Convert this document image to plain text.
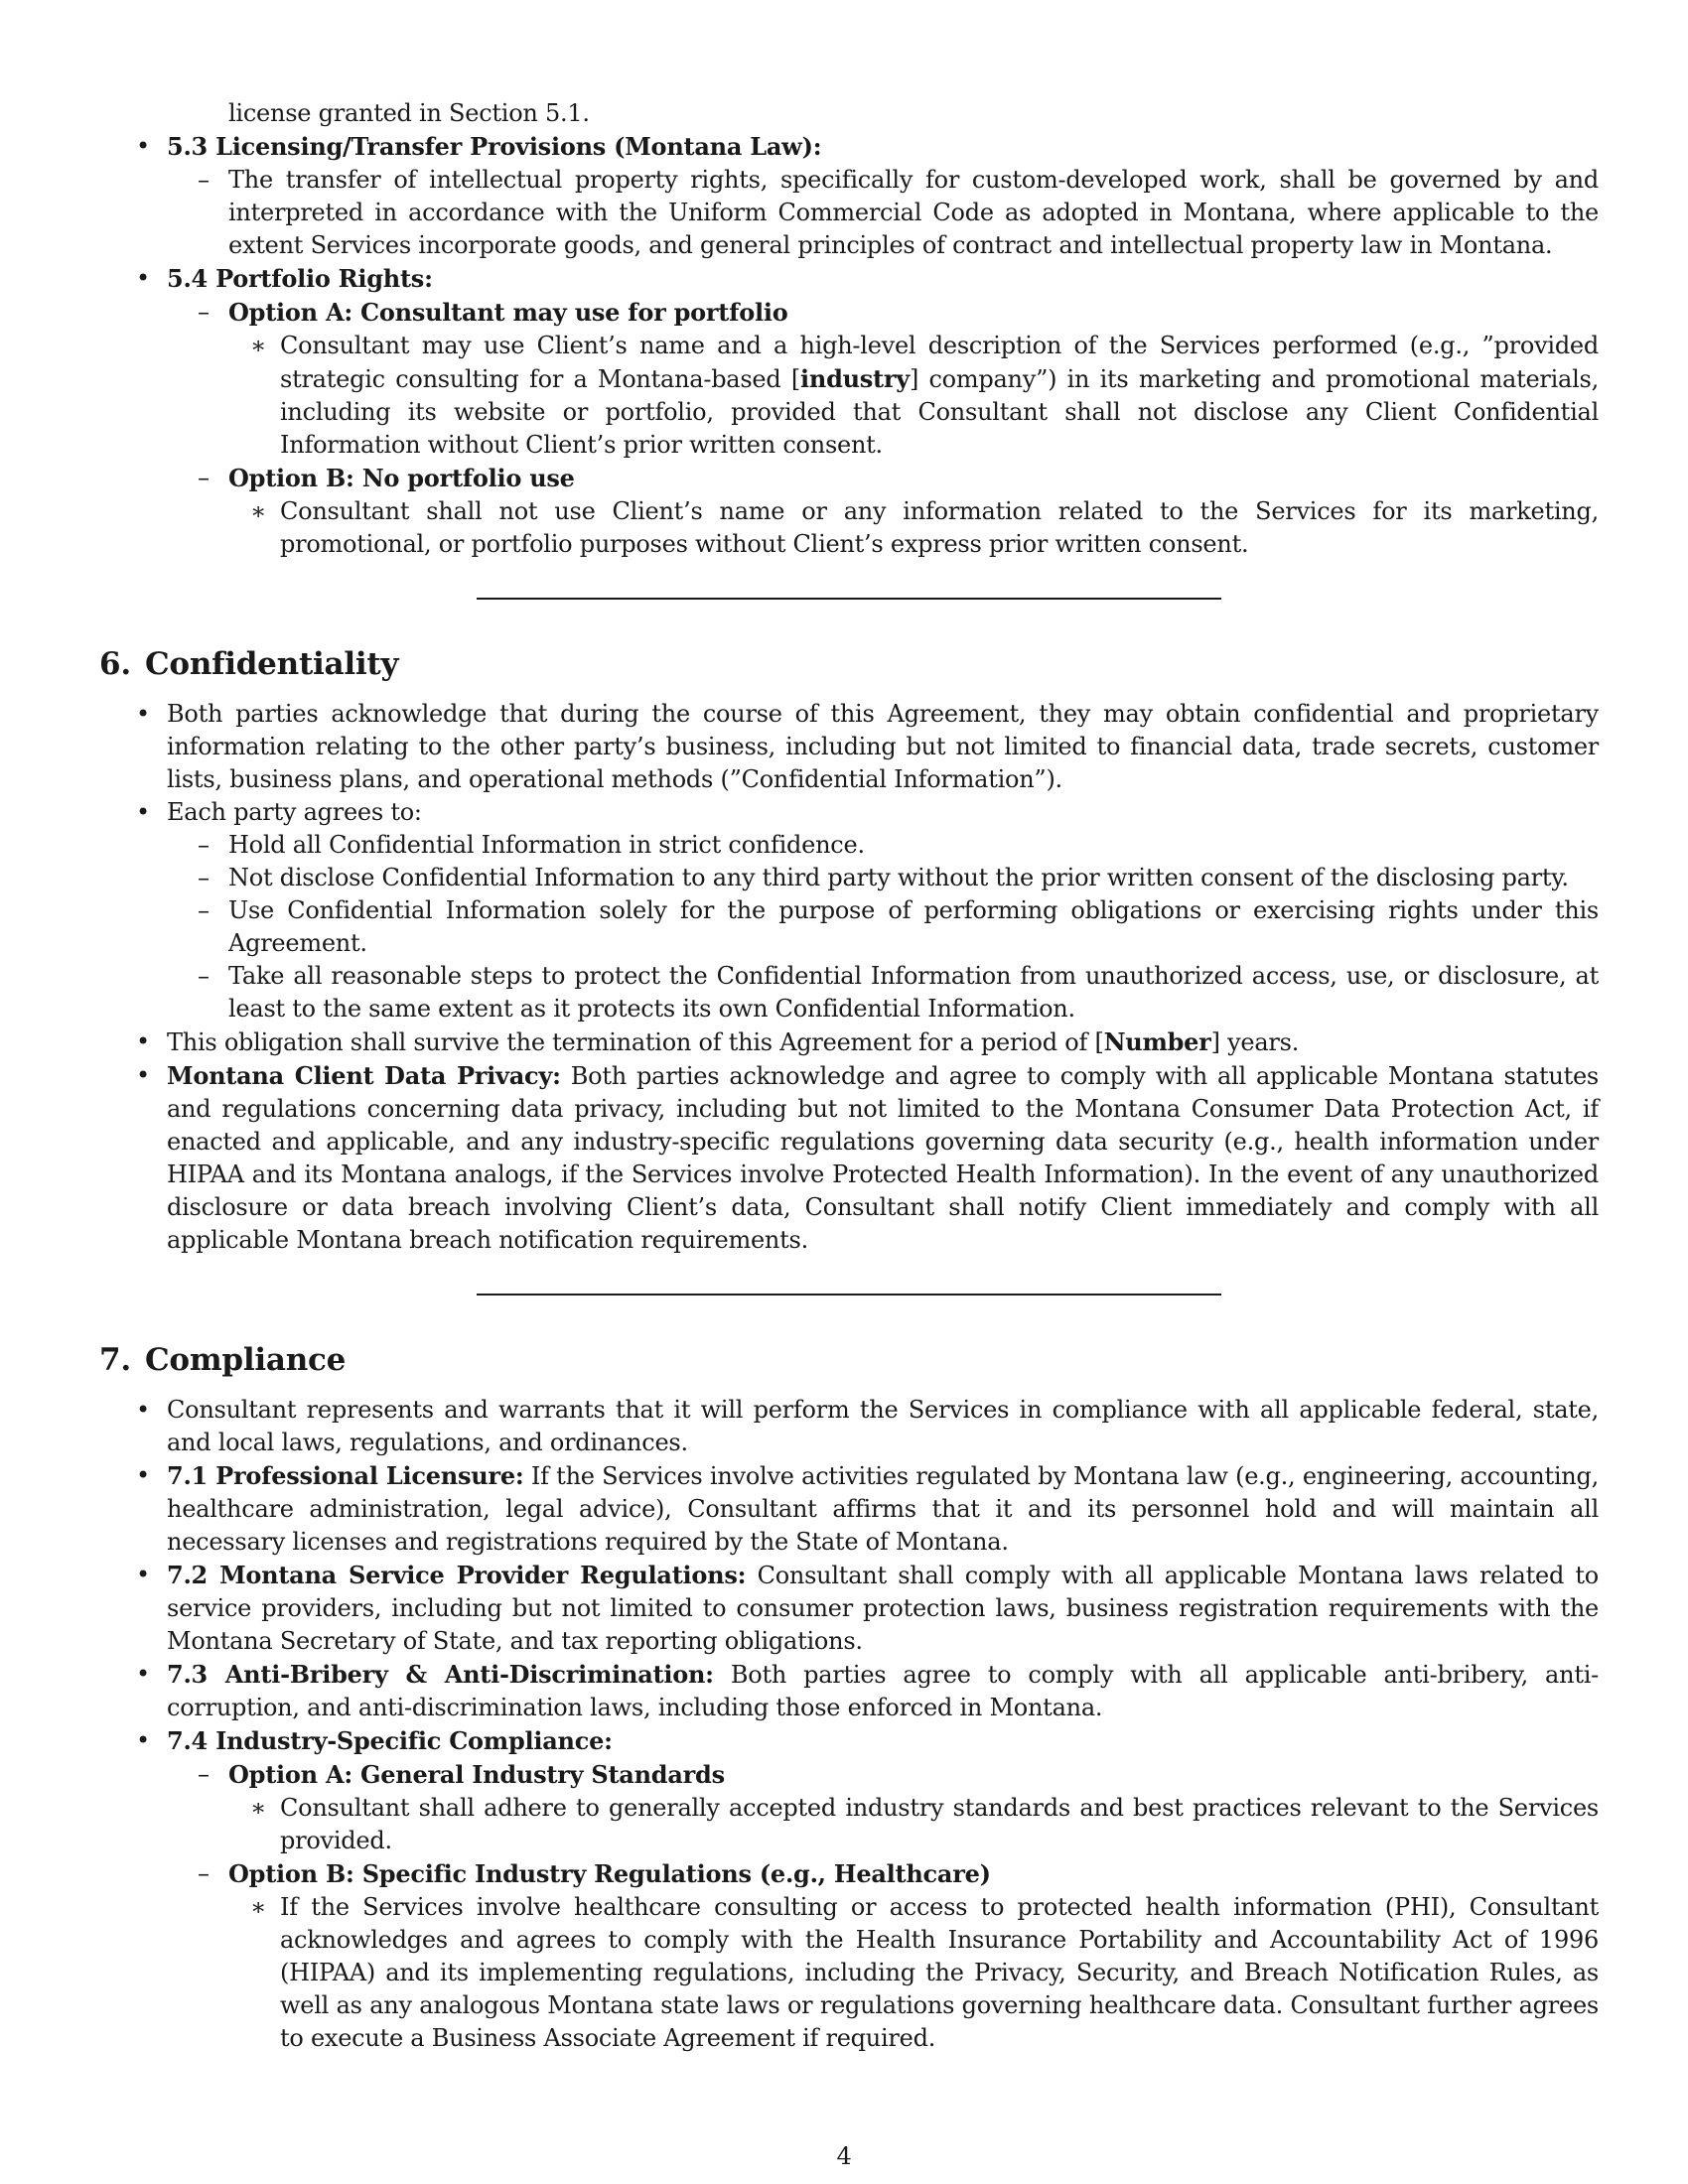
license granted in Section 5.1.

• 5.3 Licensing/Transfer Provisions (Montana Law):

– The transfer of intellectual property rights, specifically for custom-developed work, shall be governed by and interpreted in accordance with the Uniform Commercial Code as adopted in Montana, where applicable to the extent Services incorporate goods, and general principles of contract and intellectual property law in Montana.

• 5.4 Portfolio Rights:

– Option A: Consultant may use for portfolio

∗ Consultant may use Client’s name and a high-level description of the Services performed (e.g., ”provided strategic consulting for a Montana-based [industry] company”) in its marketing and promotional materials, including its website or portfolio, provided that Consultant shall not disclose any Client Confidential Information without Client’s prior written consent.

– Option B: No portfolio use

∗ Consultant shall not use Client’s name or any information related to the Services for its marketing, promotional, or portfolio purposes without Client’s express prior written consent.

6. Confidentiality

• Both parties acknowledge that during the course of this Agreement, they may obtain confidential and proprietary information relating to the other party’s business, including but not limited to financial data, trade secrets, customer lists, business plans, and operational methods (”Confidential Information”).

• Each party agrees to:

– Hold all Confidential Information in strict confidence.

– Not disclose Confidential Information to any third party without the prior written consent of the disclosing party.

– Use Confidential Information solely for the purpose of performing obligations or exercising rights under this Agreement.

– Take all reasonable steps to protect the Confidential Information from unauthorized access, use, or disclosure, at least to the same extent as it protects its own Confidential Information.

• This obligation shall survive the termination of this Agreement for a period of [Number] years.

• Montana Client Data Privacy: Both parties acknowledge and agree to comply with all applicable Montana statutes and regulations concerning data privacy, including but not limited to the Montana Consumer Data Protection Act, if enacted and applicable, and any industry-specific regulations governing data security (e.g., health information under HIPAA and its Montana analogs, if the Services involve Protected Health Information). In the event of any unauthorized disclosure or data breach involving Client’s data, Consultant shall notify Client immediately and comply with all applicable Montana breach notification requirements.

7. Compliance

• Consultant represents and warrants that it will perform the Services in compliance with all applicable federal, state, and local laws, regulations, and ordinances.

• 7.1 Professional Licensure: If the Services involve activities regulated by Montana law (e.g., engineering, accounting, healthcare administration, legal advice), Consultant affirms that it and its personnel hold and will maintain all necessary licenses and registrations required by the State of Montana.

• 7.2 Montana Service Provider Regulations: Consultant shall comply with all applicable Montana laws related to service providers, including but not limited to consumer protection laws, business registration requirements with the Montana Secretary of State, and tax reporting obligations.

• 7.3 Anti-Bribery & Anti-Discrimination: Both parties agree to comply with all applicable anti-bribery, anti-corruption, and anti-discrimination laws, including those enforced in Montana.

• 7.4 Industry-Specific Compliance:

– Option A: General Industry Standards

∗ Consultant shall adhere to generally accepted industry standards and best practices relevant to the Services provided.

– Option B: Specific Industry Regulations (e.g., Healthcare)

∗ If the Services involve healthcare consulting or access to protected health information (PHI), Consultant acknowledges and agrees to comply with the Health Insurance Portability and Accountability Act of 1996 (HIPAA) and its implementing regulations, including the Privacy, Security, and Breach Notification Rules, as well as any analogous Montana state laws or regulations governing healthcare data. Consultant further agrees to execute a Business Associate Agreement if required.

4
